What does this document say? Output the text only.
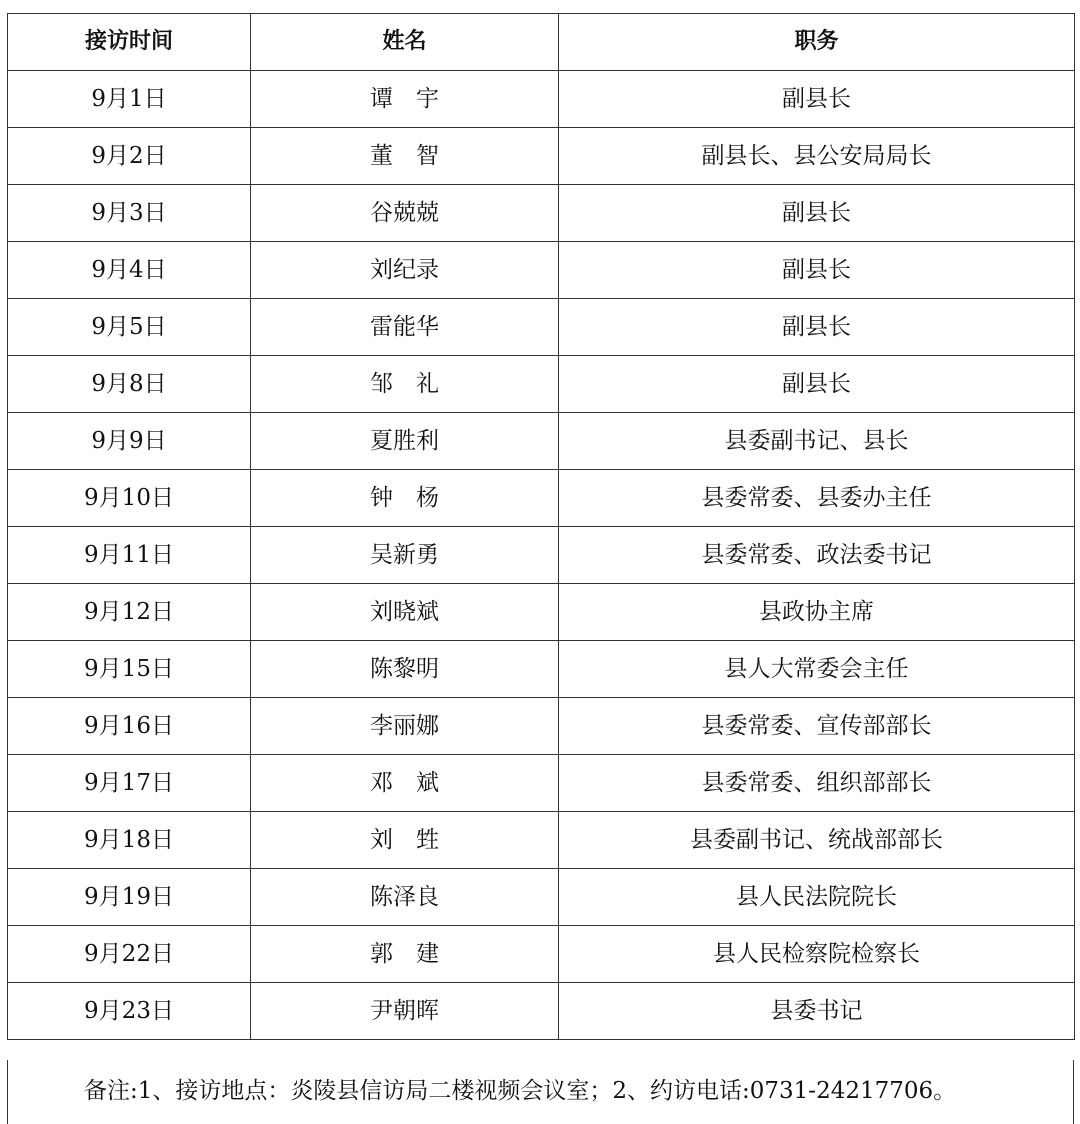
接访时间	姓名	职务
9月1日	谭　宇	副县长
9月2日	董　智	副县长、县公安局局长
9月3日	谷兢兢	副县长
9月4日	刘纪录	副县长
9月5日	雷能华	副县长
9月8日	邹　礼	副县长
9月9日	夏胜利	县委副书记、县长
9月10日	钟　杨	县委常委、县委办主任
9月11日	吴新勇	县委常委、政法委书记
9月12日	刘晓斌	县政协主席
9月15日	陈黎明	县人大常委会主任
9月16日	李丽娜	县委常委、宣传部部长
9月17日	邓　斌	县委常委、组织部部长
9月18日	刘　甡	县委副书记、统战部部长
9月19日	陈泽良	县人民法院院长
9月22日	郭　建	县人民检察院检察长
9月23日	尹朝晖	县委书记
备注:1、接访地点：炎陵县信访局二楼视频会议室；2、约访电话:0731-24217706。
